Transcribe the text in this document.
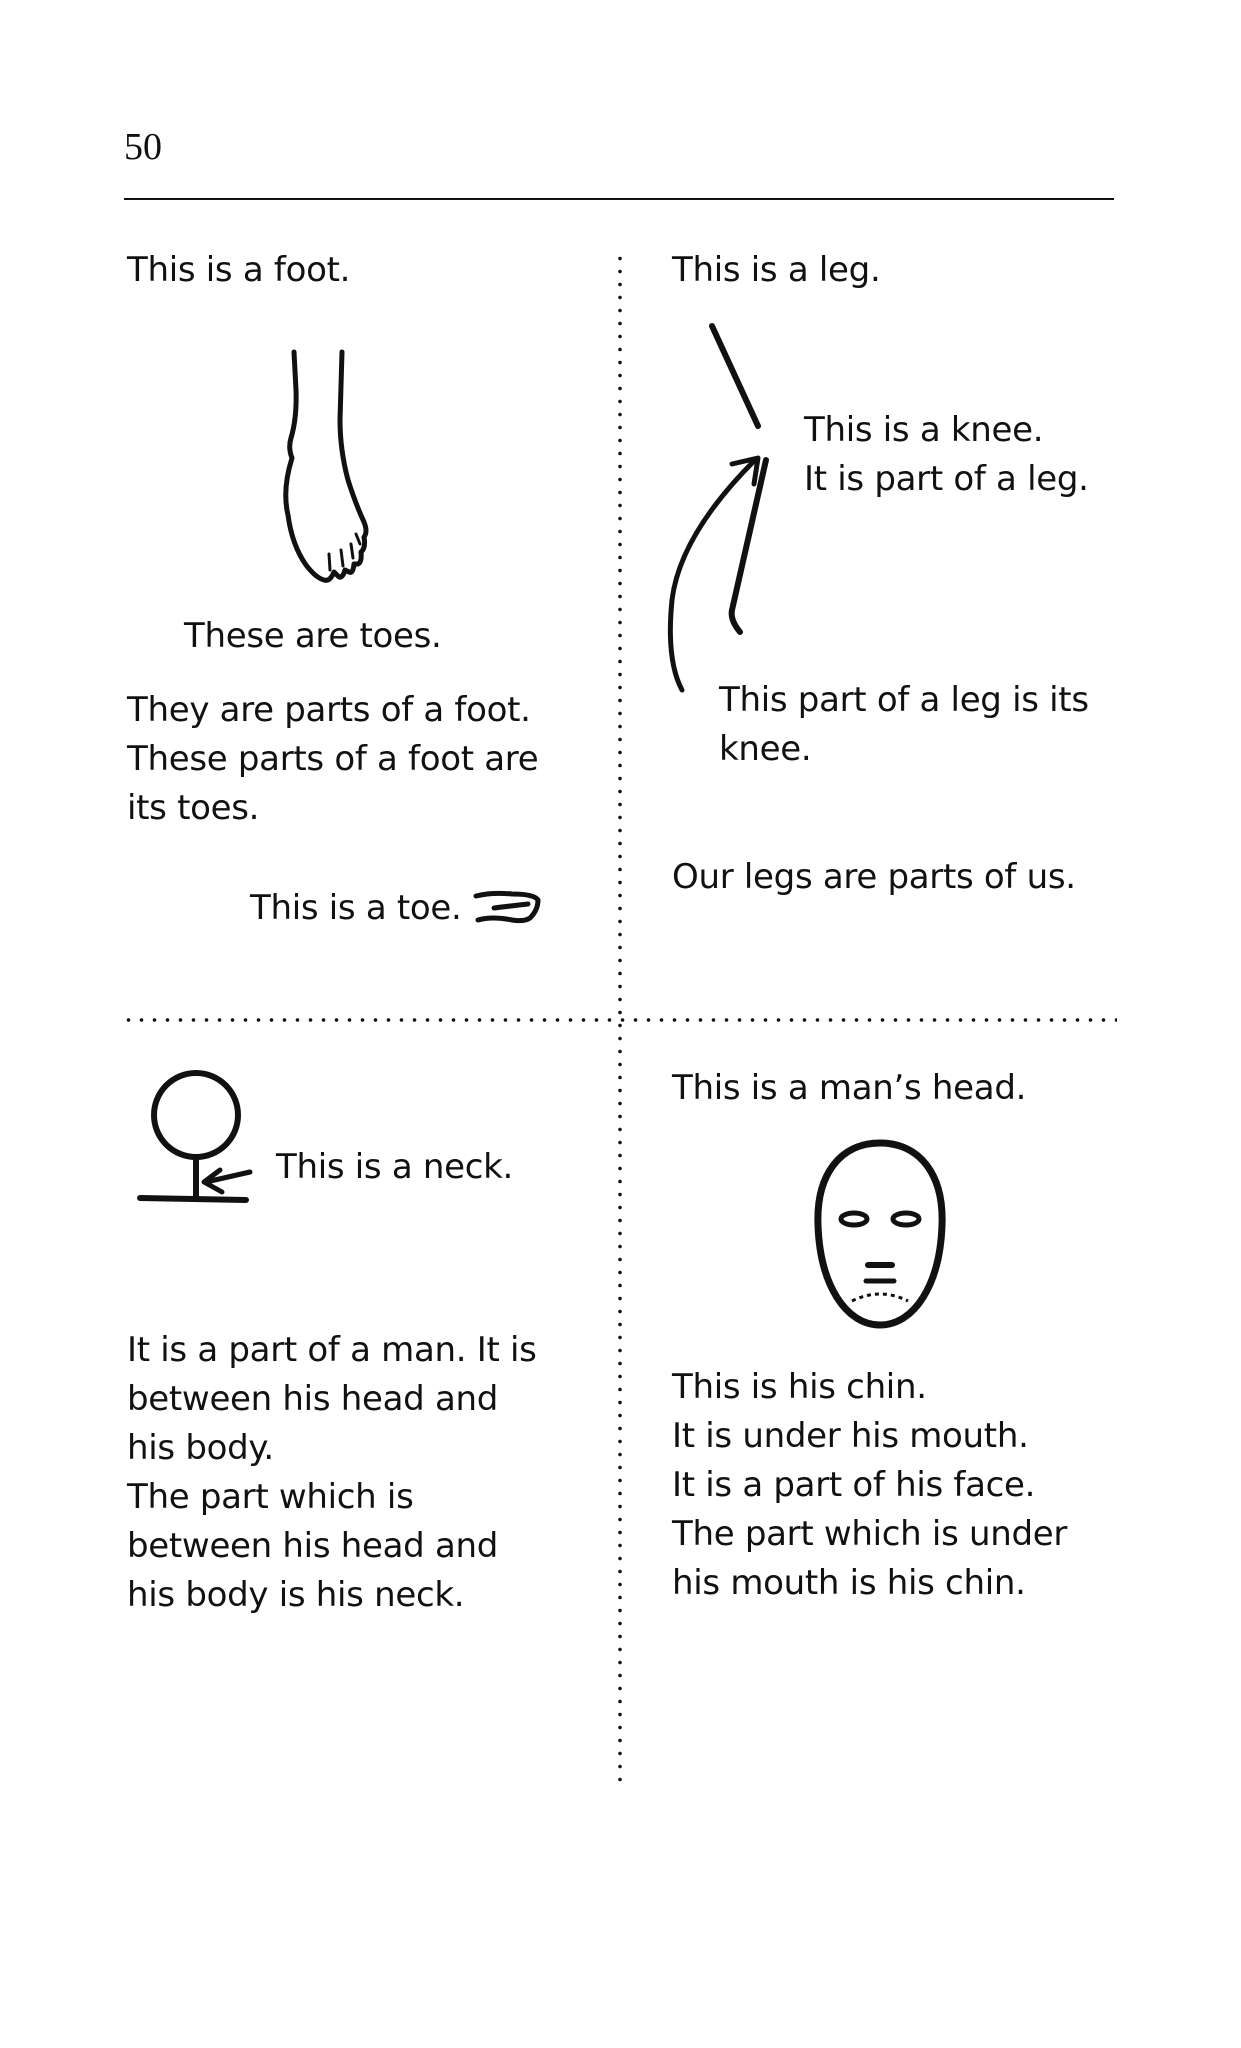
50
This is a foot.
These are toes.
They are parts of a foot.
These parts of a foot are
its toes.
This is a toe.
This is a leg.
This is a knee.
It is part of a leg.
This part of a leg is its
knee.
Our legs are parts of us.
This is a neck.
It is a part of a man. It is
between his head and
his body.
The part which is
between his head and
his body is his neck.
This is a man’s head.
This is his chin.
It is under his mouth.
It is a part of his face.
The part which is under
his mouth is his chin.
